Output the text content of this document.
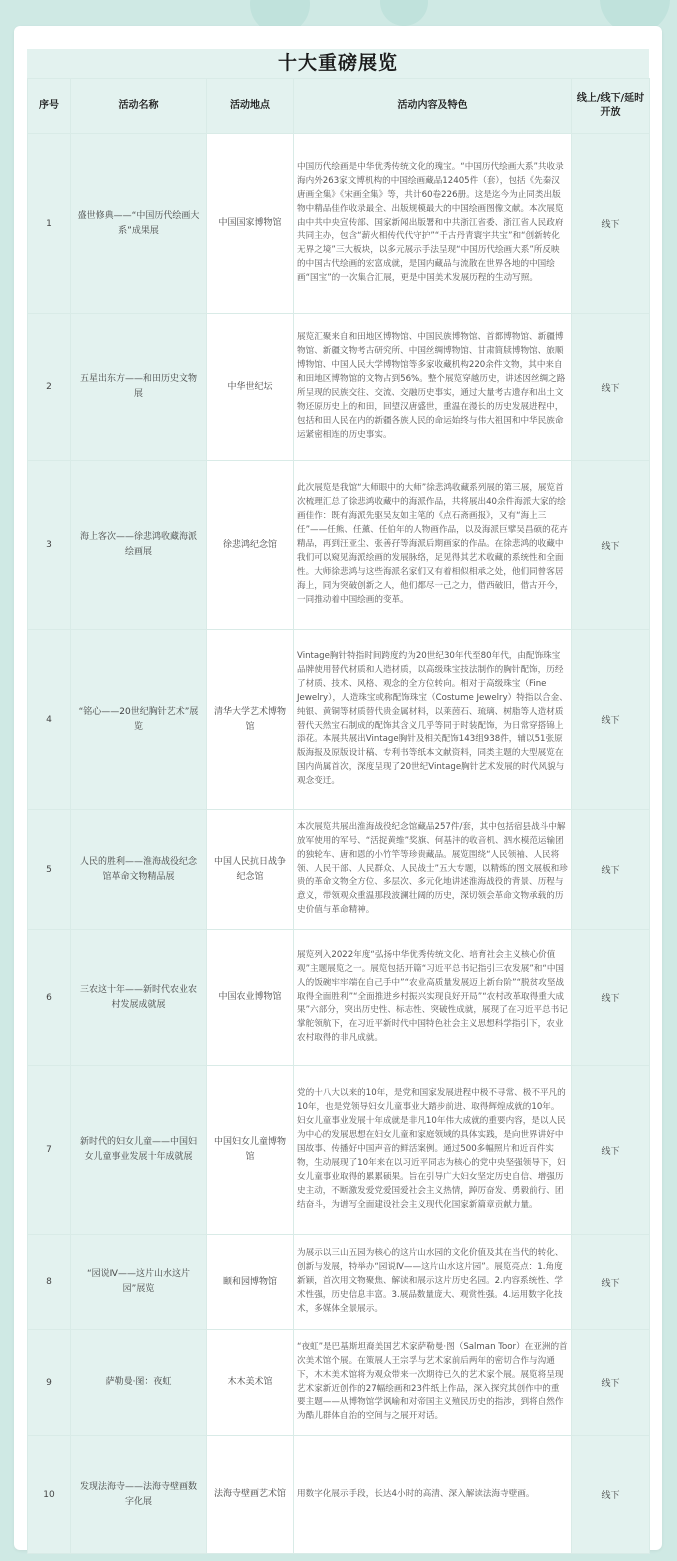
十大重磅展览
序号	活动名称	活动地点	活动内容及特色	线上/线下/延时开放
1	盛世修典——“中国历代绘画大系”成果展	中国国家博物馆	中国历代绘画是中华优秀传统文化的瑰宝。“中国历代绘画大系”共收录海内外263家文博机构的中国绘画藏品12405件（套），包括《先秦汉唐画全集》《宋画全集》等，共计60卷226册。这是迄今为止同类出版物中精品佳作收录最全、出版规模最大的中国绘画图像文献。本次展览由中共中央宣传部、国家新闻出版署和中共浙江省委、浙江省人民政府共同主办，包含“薪火相传代代守护”“千古丹青寰宇共宝”和“创新转化无界之境”三大板块，以多元展示手法呈现“中国历代绘画大系”所反映的中国古代绘画的宏富成就，是国内藏品与流散在世界各地的中国绘画“国宝”的一次集合汇展，更是中国美术发展历程的生动写照。	线下
2	五星出东方——和田历史文物展	中华世纪坛	展览汇聚来自和田地区博物馆、中国民族博物馆、首都博物馆、新疆博物馆、新疆文物考古研究所、中国丝绸博物馆、甘肃简牍博物馆、旅顺博物馆、中国人民大学博物馆等多家收藏机构220余件文物，其中来自和田地区博物馆的文物占到56%。整个展览穿越历史，讲述因丝绸之路所呈现的民族交往、交流、交融历史事实，通过大量考古遗存和出土文物还原历史上的和田，回望汉唐盛世，重温在漫长的历史发展进程中，包括和田人民在内的新疆各族人民的命运始终与伟大祖国和中华民族命运紧密相连的历史事实。	线下
3	海上客次——徐悲鸿收藏海派绘画展	徐悲鸿纪念馆	此次展览是我馆“大师眼中的大师”徐悲鸿收藏系列展的第三展，展览首次梳理汇总了徐悲鸿收藏中的海派作品，共将展出40余件海派大家的绘画佳作：既有海派先驱吴友如主笔的《点石斋画报》，又有“海上三任”——任熊、任薰、任伯年的人物画作品，以及海派巨擘吴昌硕的花卉精品，再到汪亚尘、张善孖等海派后期画家的作品。在徐悲鸿的收藏中我们可以窥见海派绘画的发展脉络，足见得其艺术收藏的系统性和全面性。大师徐悲鸿与这些海派名家们又有着相似相承之处，他们同曾客居海上，同为突破创新之人，他们都尽一己之力，借西破旧，借古开今，一同推动着中国绘画的变革。	线下
4	“铭心——20世纪胸针艺术”展览	清华大学艺术博物馆	Vintage胸针特指时间跨度约为20世纪30年代至80年代，由配饰珠宝品牌使用替代材质和人造材质，以高级珠宝技法制作的胸针配饰，历经了材质、技术、风格、观念的全方位转向。相对于高级珠宝（Fine Jewelry），人造珠宝或称配饰珠宝（Costume Jewelry）特指以合金、纯银、黄铜等材质替代贵金属材料，以莱茵石、琉璃、树脂等人造材质替代天然宝石制成的配饰其含义几乎等同于时装配饰，为日常穿搭锦上添花。本展共展出Vintage胸针及相关配饰143组938件，辅以51张原版海报及原版设计稿、专利书等纸本文献资料，同类主题的大型展览在国内尚属首次，深度呈现了20世纪Vintage胸针艺术发展的时代风貌与观念变迁。	线下
5	人民的胜利——淮海战役纪念馆革命文物精品展	中国人民抗日战争纪念馆	本次展览共展出淮海战役纪念馆藏品257件/套，其中包括宿县战斗中解放军使用的军号、“活捉黄维”奖旗、何基沣的收音机、泗水模范运输团的独轮车、唐和恩的小竹竿等珍贵藏品。展览围绕“人民领袖、人民将领、人民干部、人民群众、人民战士”五大专题，以精炼的图文展板和珍贵的革命文物全方位、多层次、多元化地讲述淮海战役的背景、历程与意义，带领观众重温那段波澜壮阔的历史，深切领会革命文物承载的历史价值与革命精神。	线下
6	三农这十年——新时代农业农村发展成就展	中国农业博物馆	展览列入2022年度“弘扬中华优秀传统文化、培育社会主义核心价值观”主题展览之一。展览包括开篇“习近平总书记指引三农发展”和“中国人的饭碗牢牢端在自己手中”“农业高质量发展迈上新台阶”“脱贫攻坚战取得全面胜利”“全面推进乡村振兴实现良好开局”“农村改革取得重大成果”六部分，突出历史性、标志性、突破性成就，展现了在习近平总书记掌舵领航下，在习近平新时代中国特色社会主义思想科学指引下，农业农村取得的非凡成就。	线下
7	新时代的妇女儿童——中国妇女儿童事业发展十年成就展	中国妇女儿童博物馆	党的十八大以来的10年，是党和国家发展进程中极不寻常、极不平凡的10年，也是党领导妇女儿童事业大踏步前进、取得辉煌成就的10年。妇女儿童事业发展十年成就是非凡10年伟大成就的重要内容，是以人民为中心的发展思想在妇女儿童和家庭领域的具体实践，是向世界讲好中国故事、传播好中国声音的鲜活案例。通过500多幅照片和近百件实物，生动展现了10年来在以习近平同志为核心的党中央坚强领导下，妇女儿童事业取得的累累硕果。旨在引导广大妇女坚定历史自信、增强历史主动，不断激发爱党爱国爱社会主义热情，踔厉奋发、勇毅前行、团结奋斗，为谱写全面建设社会主义现代化国家新篇章贡献力量。	线下
8	“园说Ⅳ——这片山水这片园”展览	颐和园博物馆	为展示以三山五园为核心的这片山水园的文化价值及其在当代的转化、创新与发展，特举办“园说Ⅳ——这片山水这片园”。展览亮点：1.角度新颖，首次用文物聚焦、解读和展示这片历史名园。2.内容系统性、学术性强，历史信息丰富。3.展品数量庞大、观赏性强。4.运用数字化技术，多媒体全景展示。	线下
9	萨勒曼·图：夜虹	木木美术馆	“夜虹”是巴基斯坦裔美国艺术家萨勒曼·图（Salman Toor）在亚洲的首次美术馆个展。在策展人王宗孚与艺术家前后两年的密切合作与沟通下，木木美术馆将为观众带来一次期待已久的艺术家个展。展览将呈现艺术家新近创作的27幅绘画和23件纸上作品，深入探究其创作中的重要主题——从博物馆学讽喻和对帝国主义殖民历史的指涉，到将自然作为酷儿群体自治的空间与之展开对话。	线下
10	发现法海寺——法海寺壁画数字化展	法海寺壁画艺术馆	用数字化展示手段，长达4小时的高清、深入解读法海寺壁画。	线下
